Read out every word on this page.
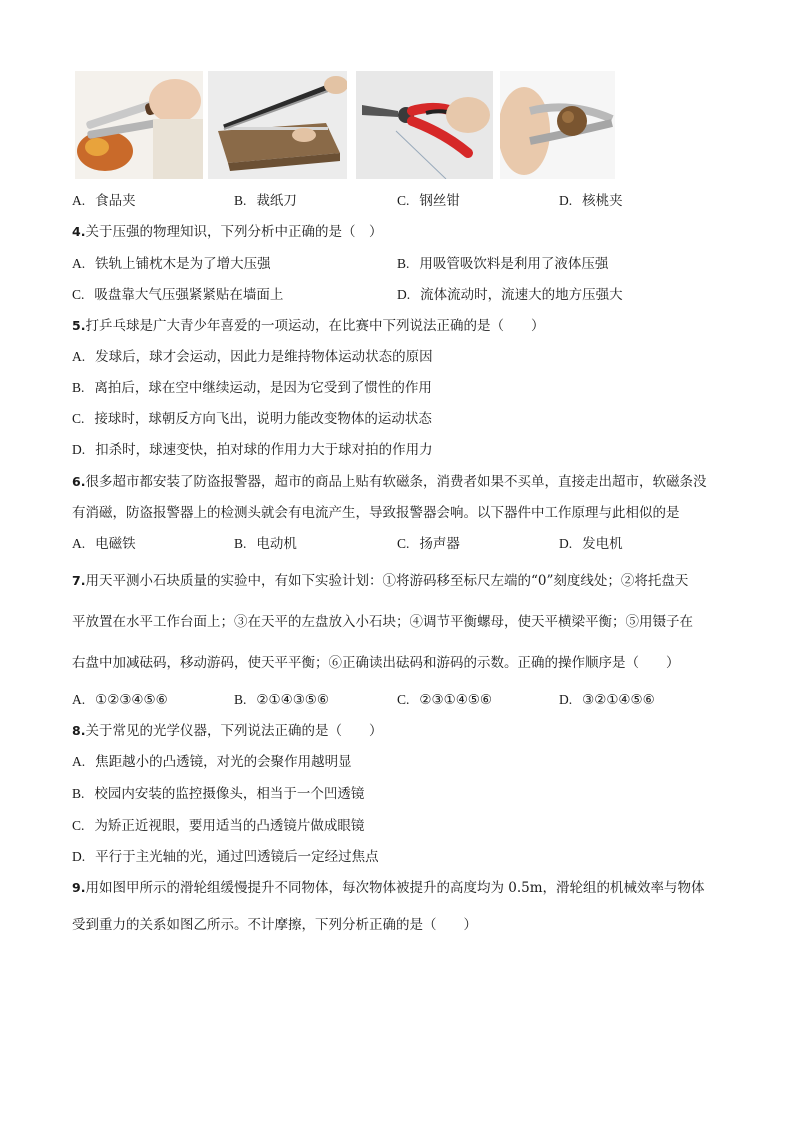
A. 食品夹	B. 裁纸刀	C. 钢丝钳	D. 核桃夹
4.关于压强的物理知识，下列分析中正确的是（　）
A. 铁轨上铺枕木是为了增大压强	B. 用吸管吸饮料是利用了液体压强
C. 吸盘靠大气压强紧紧贴在墙面上	D. 流体流动时，流速大的地方压强大
5.打乒乓球是广大青少年喜爱的一项运动，在比赛中下列说法正确的是（　　）
A. 发球后，球才会运动，因此力是维持物体运动状态的原因
B. 离拍后，球在空中继续运动，是因为它受到了惯性的作用
C. 接球时，球朝反方向飞出，说明力能改变物体的运动状态
D. 扣杀时，球速变快，拍对球的作用力大于球对拍的作用力
6.很多超市都安装了防盗报警器，超市的商品上贴有软磁条，消费者如果不买单，直接走出超市，软磁条没
有消磁，防盗报警器上的检测头就会有电流产生，导致报警器会响。以下器件中工作原理与此相似的是
A. 电磁铁	B. 电动机	C. 扬声器	D. 发电机
7.用天平测小石块质量的实验中，有如下实验计划：①将游码移至标尺左端的“0”刻度线处；②将托盘天
平放置在水平工作台面上；③在天平的左盘放入小石块；④调节平衡螺母，使天平横梁平衡；⑤用镊子在
右盘中加减砝码，移动游码，使天平平衡；⑥正确读出砝码和游码的示数。正确的操作顺序是（　　）
A. ①②③④⑤⑥	B. ②①④③⑤⑥	C. ②③①④⑤⑥	D. ③②①④⑤⑥
8.关于常见的光学仪器，下列说法正确的是（　　）
A. 焦距越小的凸透镜，对光的会聚作用越明显
B. 校园内安装的监控摄像头，相当于一个凹透镜
C. 为矫正近视眼，要用适当的凸透镜片做成眼镜
D. 平行于主光轴的光，通过凹透镜后一定经过焦点
9.用如图甲所示的滑轮组缓慢提升不同物体，每次物体被提升的高度均为 0.5m，滑轮组的机械效率与物体
受到重力的关系如图乙所示。不计摩擦，下列分析正确的是（　　）
